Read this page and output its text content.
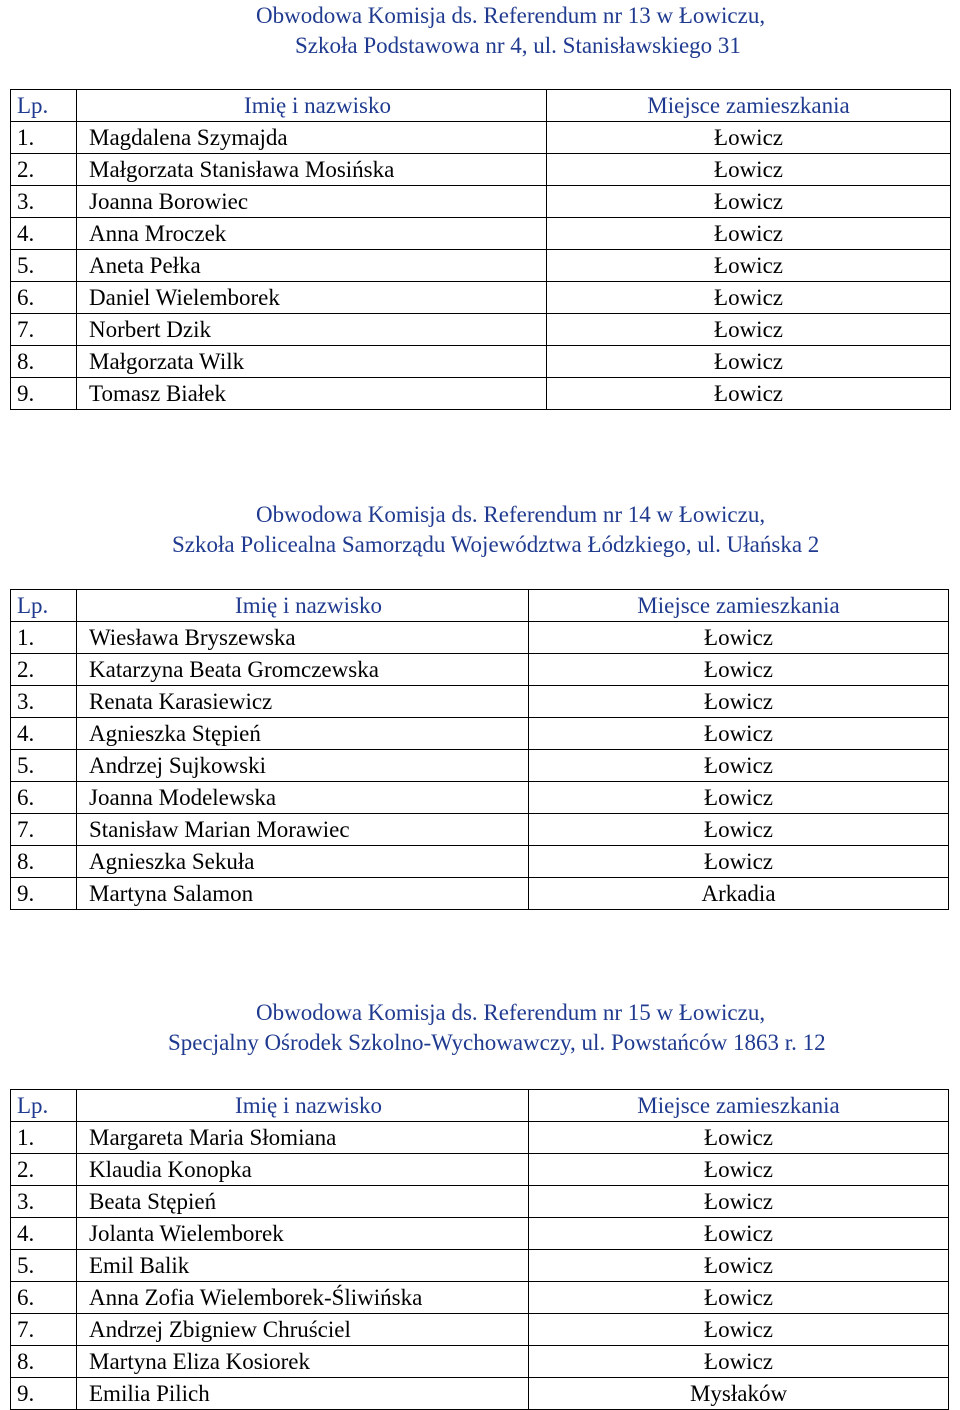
Obwodowa Komisja ds. Referendum nr 13 w Łowiczu,
Szkoła Podstawowa nr 4, ul. Stanisławskiego 31
Lp.	Imię i nazwisko	Miejsce zamieszkania
1.	Magdalena Szymajda	Łowicz
2.	Małgorzata Stanisława Mosińska	Łowicz
3.	Joanna Borowiec	Łowicz
4.	Anna Mroczek	Łowicz
5.	Aneta Pełka	Łowicz
6.	Daniel Wielemborek	Łowicz
7.	Norbert Dzik	Łowicz
8.	Małgorzata Wilk	Łowicz
9.	Tomasz Białek	Łowicz
Obwodowa Komisja ds. Referendum nr 14 w Łowiczu,
Szkoła Policealna Samorządu Województwa Łódzkiego, ul. Ułańska 2
Lp.	Imię i nazwisko	Miejsce zamieszkania
1.	Wiesława Bryszewska	Łowicz
2.	Katarzyna Beata Gromczewska	Łowicz
3.	Renata Karasiewicz	Łowicz
4.	Agnieszka Stępień	Łowicz
5.	Andrzej Sujkowski	Łowicz
6.	Joanna Modelewska	Łowicz
7.	Stanisław Marian Morawiec	Łowicz
8.	Agnieszka Sekuła	Łowicz
9.	Martyna Salamon	Arkadia
Obwodowa Komisja ds. Referendum nr 15 w Łowiczu,
Specjalny Ośrodek Szkolno-Wychowawczy, ul. Powstańców 1863 r. 12
Lp.	Imię i nazwisko	Miejsce zamieszkania
1.	Margareta Maria Słomiana	Łowicz
2.	Klaudia Konopka	Łowicz
3.	Beata Stępień	Łowicz
4.	Jolanta Wielemborek	Łowicz
5.	Emil Balik	Łowicz
6.	Anna Zofia Wielemborek-Śliwińska	Łowicz
7.	Andrzej Zbigniew Chruściel	Łowicz
8.	Martyna Eliza Kosiorek	Łowicz
9.	Emilia Pilich	Mysłaków
